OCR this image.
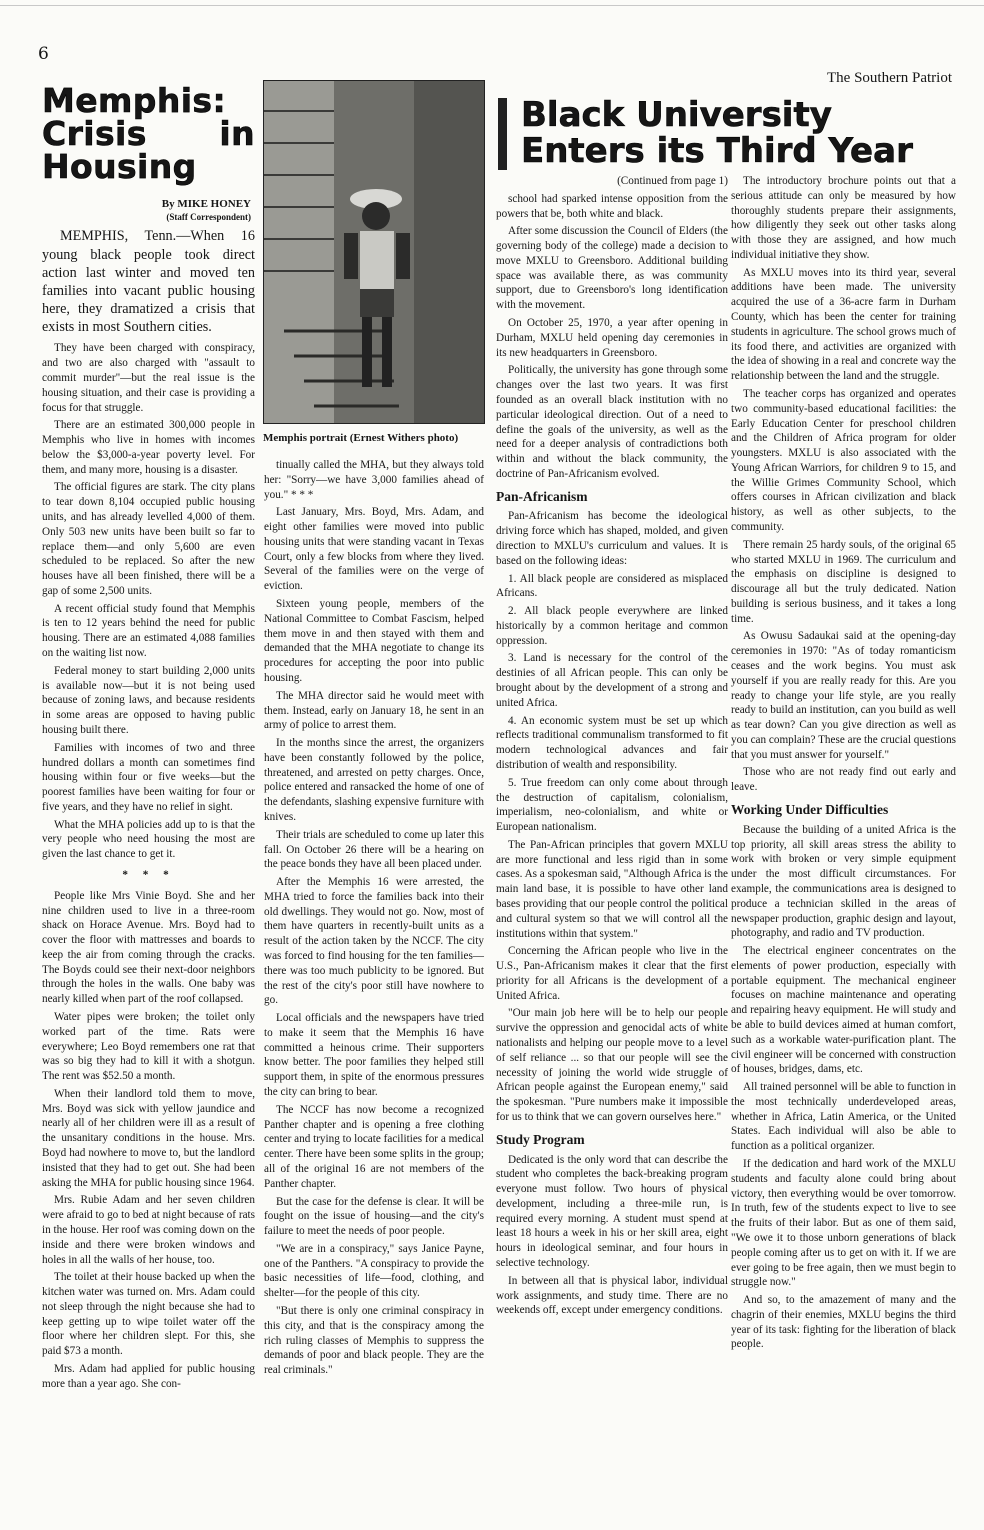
6
The Southern Patriot
Memphis: Crisis in Housing
By MIKE HONEY
(Staff Correspondent)

MEMPHIS, Tenn.—When 16 young black people took direct action last winter and moved ten families into vacant public housing here, they dramatized a crisis that exists in most Southern cities.

They have been charged with conspiracy, and two are also charged with "assault to commit murder"—but the real issue is the housing situation, and their case is providing a focus for that struggle.

There are an estimated 300,000 people in Memphis who live in homes with incomes below the $3,000-a-year poverty level. For them, and many more, housing is a disaster.

The official figures are stark. The city plans to tear down 8,104 occupied public housing units, and has already levelled 4,000 of them. Only 503 new units have been built so far to replace them—and only 5,600 are even scheduled to be replaced. So after the new houses have all been finished, there will be a gap of some 2,500 units.

A recent official study found that Memphis is ten to 12 years behind the need for public housing. There are an estimated 4,088 families on the waiting list now.

Federal money to start building 2,000 units is available now—but it is not being used because of zoning laws, and because residents in some areas are opposed to having public housing built there.

Families with incomes of two and three hundred dollars a month can sometimes find housing within four or five weeks—but the poorest families have been waiting for four or five years, and they have no relief in sight.

What the MHA policies add up to is that the very people who need housing the most are given the last chance to get it.

* * *

People like Mrs Vinie Boyd. She and her nine children used to live in a three-room shack on Horace Avenue. Mrs. Boyd had to cover the floor with mattresses and boards to keep the air from coming through the cracks. The Boyds could see their next-door neighbors through the holes in the walls. One baby was nearly killed when part of the roof collapsed.

Water pipes were broken; the toilet only worked part of the time. Rats were everywhere; Leo Boyd remembers one rat that was so big they had to kill it with a shotgun. The rent was $52.50 a month.

When their landlord told them to move, Mrs. Boyd was sick with yellow jaundice and nearly all of her children were ill as a result of the unsanitary conditions in the house. Mrs. Boyd had nowhere to move to, but the landlord insisted that they had to get out. She had been asking the MHA for public housing since 1964.

Mrs. Rubie Adam and her seven children were afraid to go to bed at night because of rats in the house. Her roof was coming down on the inside and there were broken windows and holes in all the walls of her house, too.

The toilet at their house backed up when the kitchen water was turned on. Mrs. Adam could not sleep through the night because she had to keep getting up to wipe toilet water off the floor where her children slept. For this, she paid $73 a month.

Mrs. Adam had applied for public housing more than a year ago. She con-

Memphis portrait (Ernest Withers photo)

tinually called the MHA, but they always told her: "Sorry—we have 3,000 families ahead of you." * * *

Last January, Mrs. Boyd, Mrs. Adam, and eight other families were moved into public housing units that were standing vacant in Texas Court, only a few blocks from where they lived. Several of the families were on the verge of eviction.

Sixteen young people, members of the National Committee to Combat Fascism, helped them move in and then stayed with them and demanded that the MHA negotiate to change its procedures for accepting the poor into public housing.

The MHA director said he would meet with them. Instead, early on January 18, he sent in an army of police to arrest them.

In the months since the arrest, the organizers have been constantly followed by the police, threatened, and arrested on petty charges. Once, police entered and ransacked the home of one of the defendants, slashing expensive furniture with knives.

Their trials are scheduled to come up later this fall. On October 26 there will be a hearing on the peace bonds they have all been placed under.

After the Memphis 16 were arrested, the MHA tried to force the families back into their old dwellings. They would not go. Now, most of them have quarters in recently-built units as a result of the action taken by the NCCF. The city was forced to find housing for the ten families—there was too much publicity to be ignored. But the rest of the city's poor still have nowhere to go.

Local officials and the newspapers have tried to make it seem that the Memphis 16 have committed a heinous crime. Their supporters know better. The poor families they helped still support them, in spite of the enormous pressures the city can bring to bear.

The NCCF has now become a recognized Panther chapter and is opening a free clothing center and trying to locate facilities for a medical center. There have been some splits in the group; all of the original 16 are not members of the Panther chapter.

But the case for the defense is clear. It will be fought on the issue of housing—and the city's failure to meet the needs of poor people.

"We are in a conspiracy," says Janice Payne, one of the Panthers. "A conspiracy to provide the basic necessities of life—food, clothing, and shelter—for the people of this city.

"But there is only one criminal conspiracy in this city, and that is the conspiracy among the rich ruling classes of Memphis to suppress the demands of poor and black people. They are the real criminals."

Black University
Enters its Third Year

(Continued from page 1)

school had sparked intense opposition from the powers that be, both white and black.

After some discussion the Council of Elders (the governing body of the college) made a decision to move MXLU to Greensboro. Additional building space was available there, as was community support, due to Greensboro's long identification with the movement.

On October 25, 1970, a year after opening in Durham, MXLU held opening day ceremonies in its new headquarters in Greensboro.

Politically, the university has gone through some changes over the last two years. It was first founded as an overall black institution with no particular ideological direction. Out of a need to define the goals of the university, as well as the need for a deeper analysis of contradictions both within and without the black community, the doctrine of Pan-Africanism evolved.

Pan-Africanism

Pan-Africanism has become the ideological driving force which has shaped, molded, and given direction to MXLU's curriculum and values. It is based on the following ideas:

1. All black people are considered as misplaced Africans.

2. All black people everywhere are linked historically by a common heritage and common oppression.

3. Land is necessary for the control of the destinies of all African people. This can only be brought about by the development of a strong and united Africa.

4. An economic system must be set up which reflects traditional communalism transformed to fit modern technological advances and fair distribution of wealth and responsibility.

5. True freedom can only come about through the destruction of capitalism, colonialism, imperialism, neo-colonialism, and white or European nationalism.

The Pan-African principles that govern MXLU are more functional and less rigid than in some cases. As a spokesman said, "Although Africa is the main land base, it is possible to have other land bases providing that our people control the political and cultural system so that we will control all the institutions within that system."

Concerning the African people who live in the U.S., Pan-Africanism makes it clear that the first priority for all Africans is the development of a United Africa.

"Our main job here will be to help our people survive the oppression and genocidal acts of white nationalists and helping our people move to a level of self reliance ... so that our people will see the necessity of joining the world wide struggle of African people against the European enemy," said the spokesman. "Pure numbers make it impossible for us to think that we can govern ourselves here."

Study Program

Dedicated is the only word that can describe the student who completes the back-breaking program everyone must follow. Two hours of physical development, including a three-mile run, is required every morning. A student must spend at least 18 hours a week in his or her skill area, eight hours in ideological seminar, and four hours in selective technology.

In between all that is physical labor, individual work assignments, and study time. There are no weekends off, except under emergency conditions.

The introductory brochure points out that a serious attitude can only be measured by how thoroughly students prepare their assignments, how diligently they seek out other tasks along with those they are assigned, and how much individual initiative they show.

As MXLU moves into its third year, several additions have been made. The university acquired the use of a 36-acre farm in Durham County, which has been the center for training students in agriculture. The school grows much of its food there, and activities are organized with the idea of showing in a real and concrete way the relationship between the land and the struggle.

The teacher corps has organized and operates two community-based educational facilities: the Early Education Center for preschool children and the Children of Africa program for older youngsters. MXLU is also associated with the Young African Warriors, for children 9 to 15, and the Willie Grimes Community School, which offers courses in African civilization and black history, as well as other subjects, to the community.

There remain 25 hardy souls, of the original 65 who started MXLU in 1969. The curriculum and the emphasis on discipline is designed to discourage all but the truly dedicated. Nation building is serious business, and it takes a long time.

As Owusu Sadaukai said at the opening-day ceremonies in 1970: "As of today romanticism ceases and the work begins. You must ask yourself if you are really ready for this. Are you ready to change your life style, are you really ready to build an institution, can you build as well as tear down? Can you give direction as well as you can complain? These are the crucial questions that you must answer for yourself."

Those who are not ready find out early and leave.

Working Under Difficulties

Because the building of a united Africa is the top priority, all skill areas stress the ability to work with broken or very simple equipment under the most difficult circumstances. For example, the communications area is designed to produce a technician skilled in the areas of newspaper production, graphic design and layout, photography, and radio and TV production.

The electrical engineer concentrates on the elements of power production, especially with portable equipment. The mechanical engineer focuses on machine maintenance and operating and repairing heavy equipment. He will study and be able to build devices aimed at human comfort, such as a workable water-purification plant. The civil engineer will be concerned with construction of houses, bridges, dams, etc.

All trained personnel will be able to function in the most technically underdeveloped areas, whether in Africa, Latin America, or the United States. Each individual will also be able to function as a political organizer.

If the dedication and hard work of the MXLU students and faculty alone could bring about victory, then everything would be over tomorrow. In truth, few of the students expect to live to see the fruits of their labor. But as one of them said, "We owe it to those unborn generations of black people coming after us to get on with it. If we are ever going to be free again, then we must begin to struggle now."

And so, to the amazement of many and the chagrin of their enemies, MXLU begins the third year of its task: fighting for the liberation of black people.
